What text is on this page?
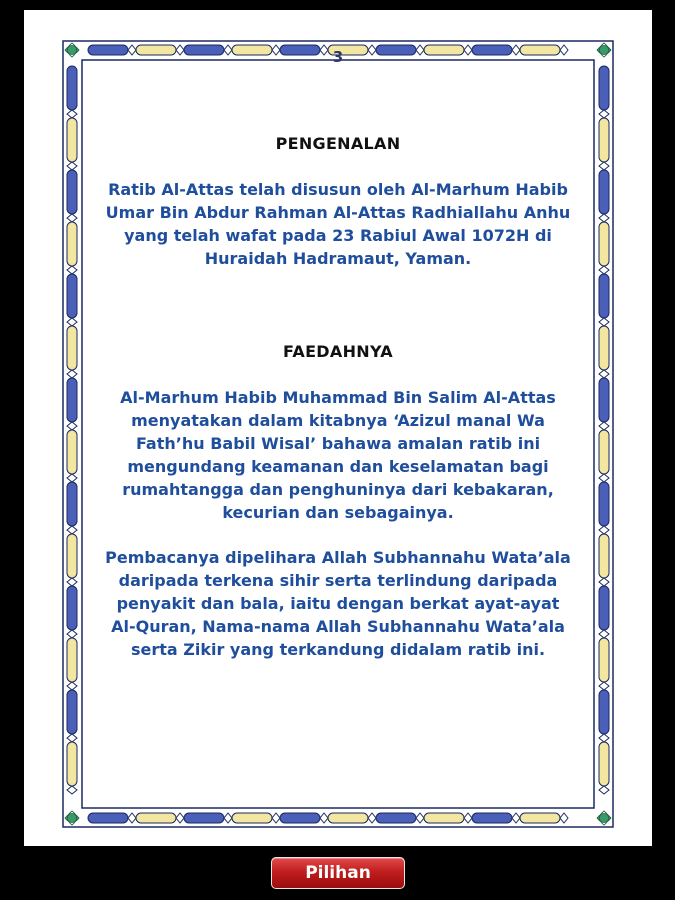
3
PENGENALAN

Ratib Al-Attas telah disusun oleh Al-Marhum Habib Umar Bin Abdur Rahman Al-Attas Radhiallahu Anhu yang telah wafat pada 23 Rabiul Awal 1072H di Huraidah Hadramaut, Yaman.

FAEDAHNYA

Al-Marhum Habib Muhammad Bin Salim Al-Attas menyatakan dalam kitabnya ‘Azizul manal Wa Fath’hu Babil Wisal’ bahawa amalan ratib ini mengundang keamanan dan keselamatan bagi rumahtangga dan penghuninya dari kebakaran, kecurian dan sebagainya.

Pembacanya dipelihara Allah Subhannahu Wata’ala daripada terkena sihir serta terlindung daripada penyakit dan bala, iaitu dengan berkat ayat-ayat Al-Quran, Nama-nama Allah Subhannahu Wata’ala serta Zikir yang terkandung didalam ratib ini.

Pilihan
